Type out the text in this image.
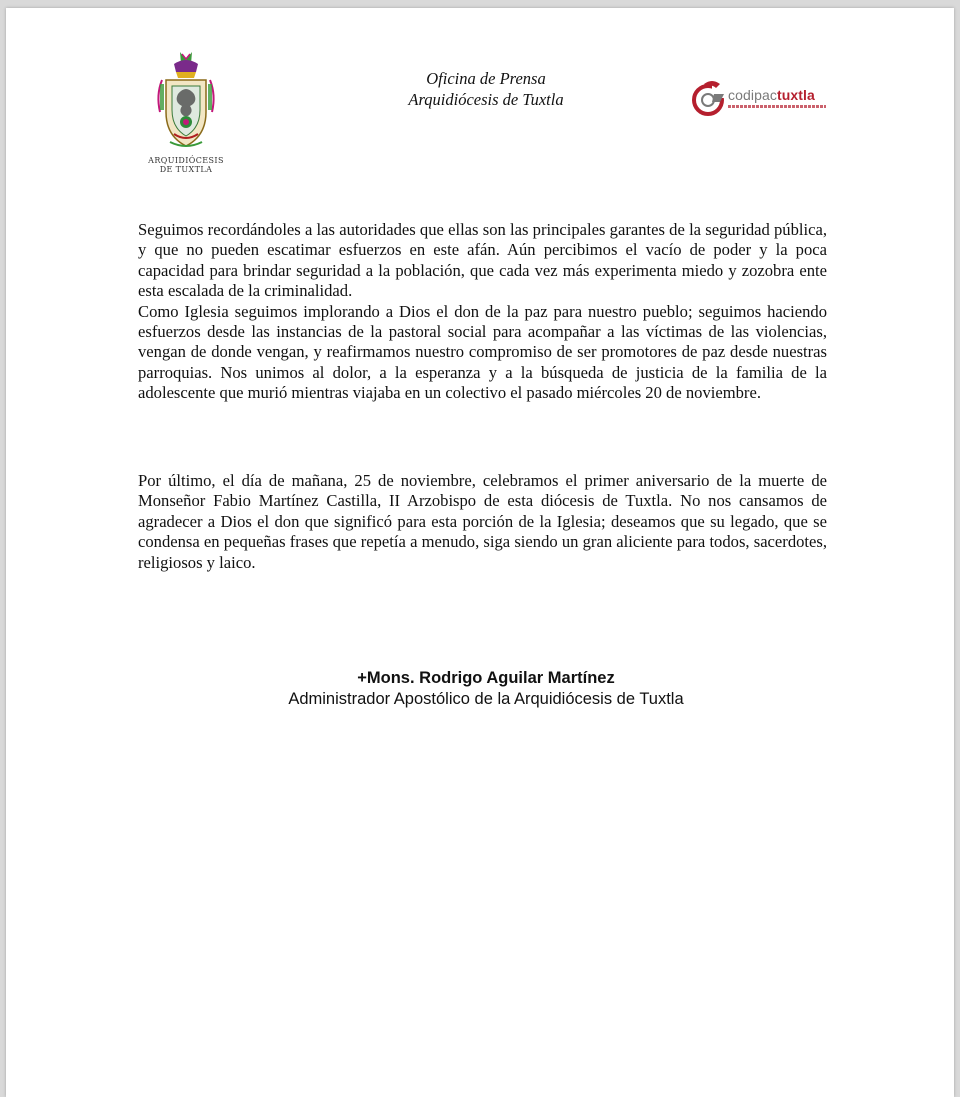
ARQUIDIÓCESIS
DE TUXTLA
Oficina de Prensa
Arquidiócesis de Tuxtla	codipactuxtla

Seguimos recordándoles a las autoridades que ellas son las principales garantes de la seguridad pública, y que no pueden escatimar esfuerzos en este afán. Aún percibimos el vacío de poder y la poca capacidad para brindar seguridad a la población, que cada vez más experimenta miedo y zozobra ente esta escalada de la criminalidad.

Como Iglesia seguimos implorando a Dios el don de la paz para nuestro pueblo; seguimos haciendo esfuerzos desde las instancias de la pastoral social para acompañar a las víctimas de las violencias, vengan de donde vengan, y reafirmamos nuestro compromiso de ser promotores de paz desde nuestras parroquias. Nos unimos al dolor, a la esperanza y a la búsqueda de justicia de la familia de la adolescente que murió mientras viajaba en un colectivo el pasado miércoles 20 de noviembre.

Por último, el día de mañana, 25 de noviembre, celebramos el primer aniversario de la muerte de Monseñor Fabio Martínez Castilla, II Arzobispo de esta diócesis de Tuxtla. No nos cansamos de agradecer a Dios el don que significó para esta porción de la Iglesia; deseamos que su legado, que se condensa en pequeñas frases que repetía a menudo, siga siendo un gran aliciente para todos, sacerdotes, religiosos y laico.

+Mons. Rodrigo Aguilar Martínez
Administrador Apostólico de la Arquidiócesis de Tuxtla
